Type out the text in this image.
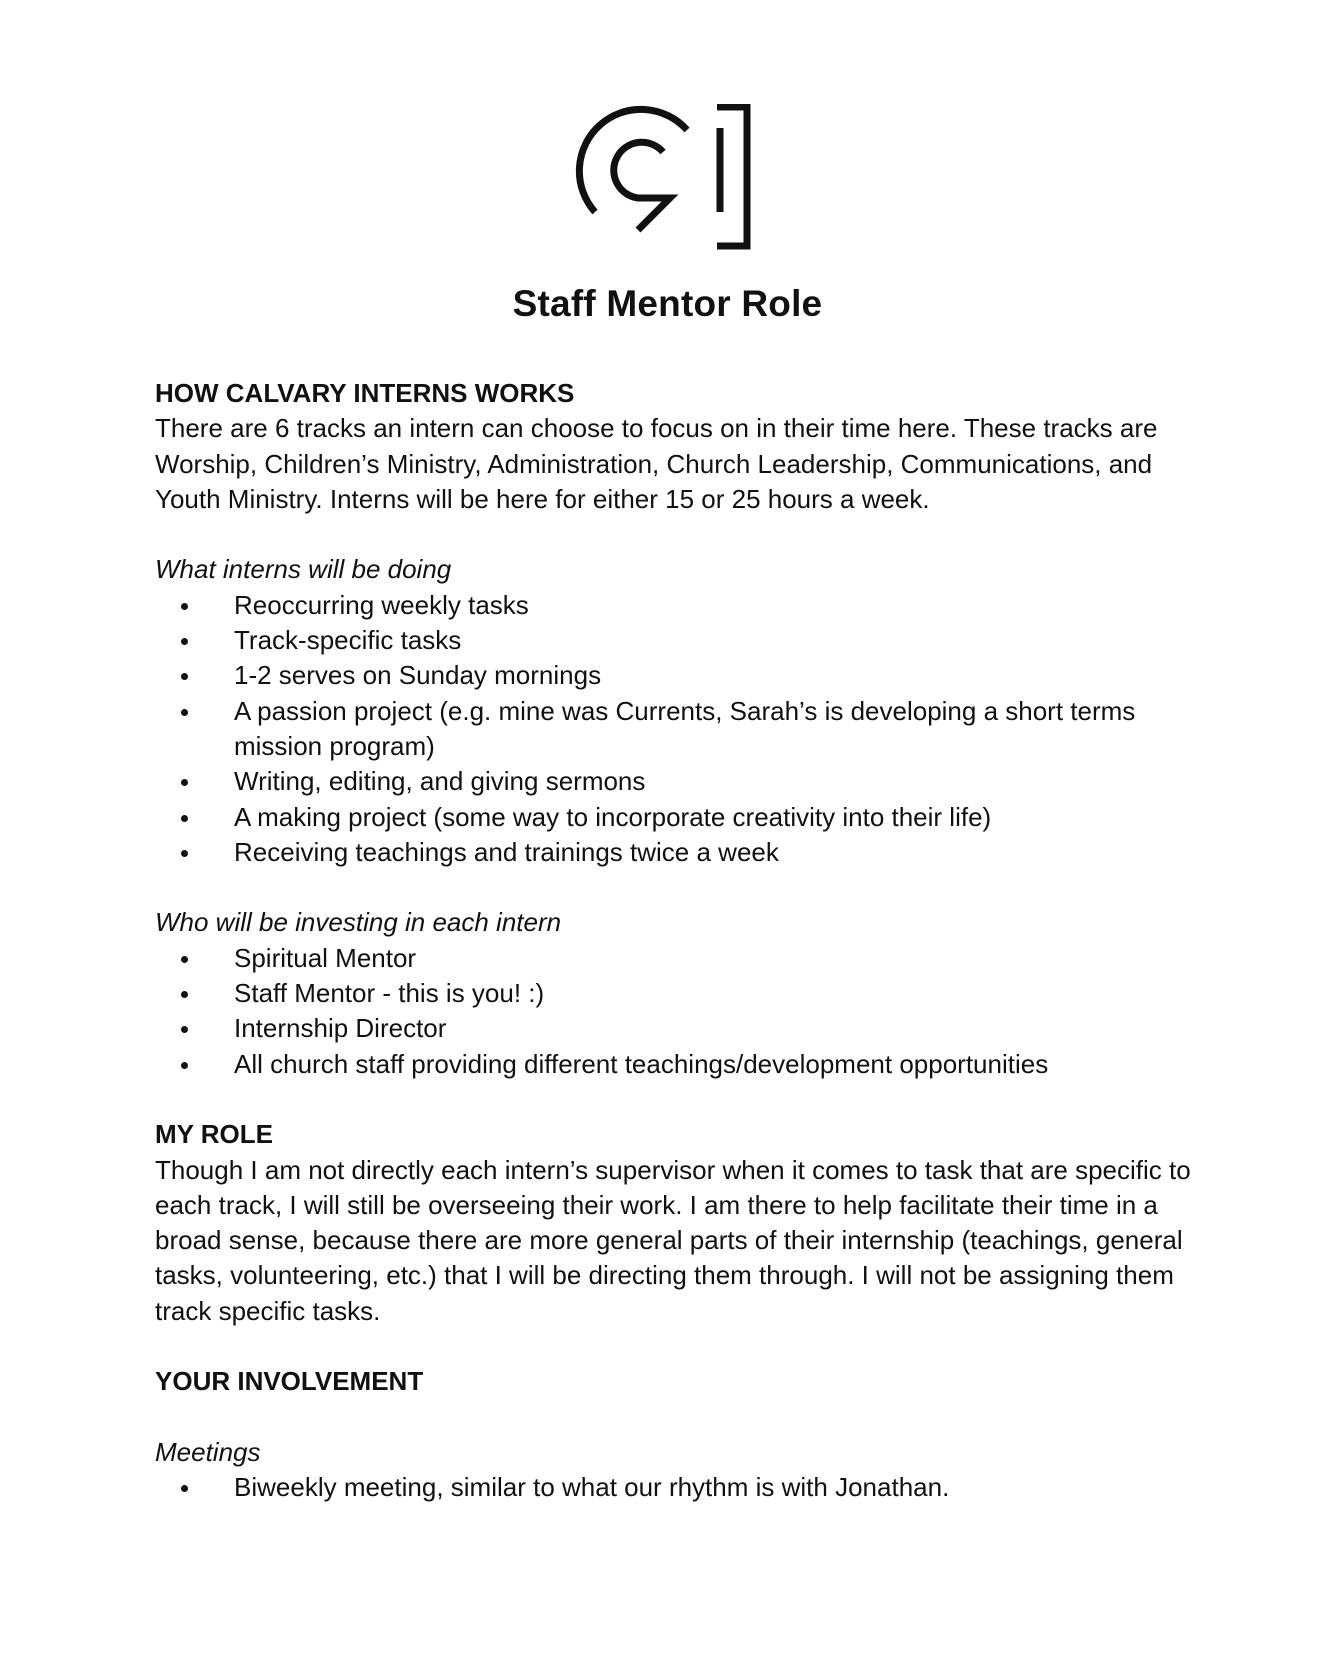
Staff Mentor Role

HOW CALVARY INTERNS WORKS

There are 6 tracks an intern can choose to focus on in their time here. These tracks are Worship, Children’s Ministry, Administration, Church Leadership, Communications, and Youth Ministry. Interns will be here for either 15 or 25 hours a week.

What interns will be doing

Reoccurring weekly tasks
Track-specific tasks
1-2 serves on Sunday mornings
A passion project (e.g. mine was Currents, Sarah’s is developing a short terms mission program)
Writing, editing, and giving sermons
A making project (some way to incorporate creativity into their life)
Receiving teachings and trainings twice a week

Who will be investing in each intern

Spiritual Mentor
Staff Mentor - this is you! :)
Internship Director
All church staff providing different teachings/development opportunities

MY ROLE

Though I am not directly each intern’s supervisor when it comes to task that are specific to each track, I will still be overseeing their work. I am there to help facilitate their time in a broad sense, because there are more general parts of their internship (teachings, general tasks, volunteering, etc.) that I will be directing them through. I will not be assigning them track specific tasks.

YOUR INVOLVEMENT

Meetings

Biweekly meeting, similar to what our rhythm is with Jonathan.
